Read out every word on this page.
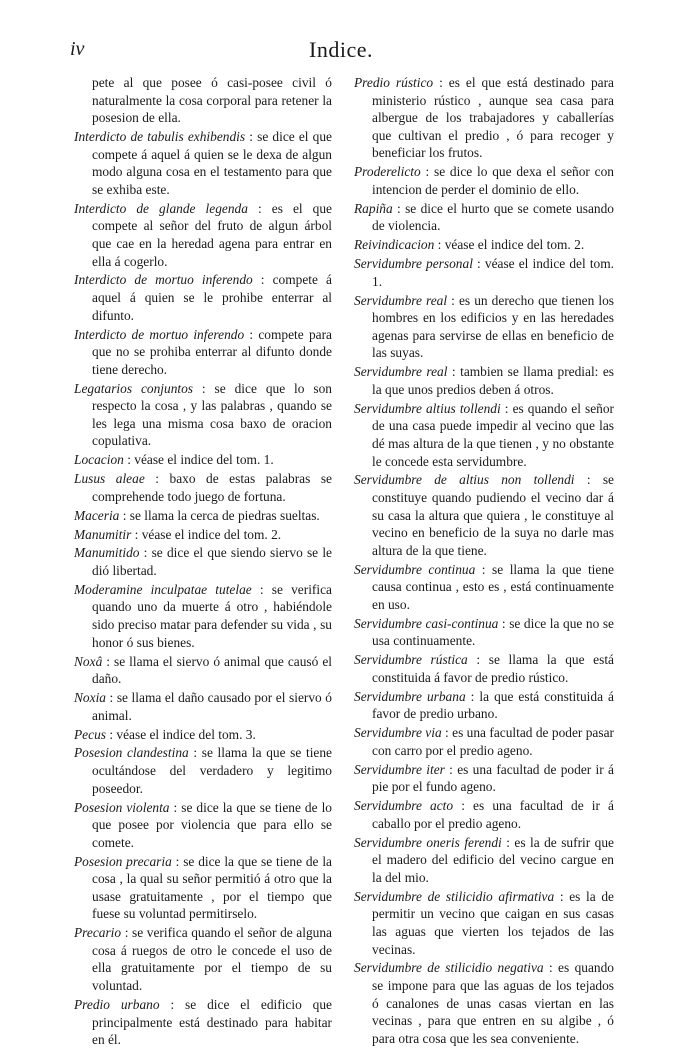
iv	Indice.

pete al que posee ó casi-posee civil ó naturalmente la cosa corporal para retener la posesion de ella.

Interdicto de tabulis exhibendis : se dice el que compete á aquel á quien se le dexa de algun modo alguna cosa en el testamento para que se exhiba este.

Interdicto de glande legenda : es el que compete al señor del fruto de algun árbol que cae en la heredad agena para entrar en ella á cogerlo.

Interdicto de mortuo inferendo : compete á aquel á quien se le prohibe enterrar al difunto.

Interdicto de mortuo inferendo : compete para que no se prohiba enterrar al difunto donde tiene derecho.

Legatarios conjuntos : se dice que lo son respecto la cosa , y las palabras , quando se les lega una misma cosa baxo de oracion copulativa.

Locacion : véase el indice del tom. 1.

Lusus aleae : baxo de estas palabras se comprehende todo juego de fortuna.

Maceria : se llama la cerca de piedras sueltas.

Manumitir : véase el indice del tom. 2.

Manumitido : se dice el que siendo siervo se le dió libertad.

Moderamine inculpatae tutelae : se verifica quando uno da muerte á otro , habiéndole sido preciso matar para defender su vida , su honor ó sus bienes.

Noxâ : se llama el siervo ó animal que causó el daño.

Noxia : se llama el daño causado por el siervo ó animal.

Pecus : véase el indice del tom. 3.

Posesion clandestina : se llama la que se tiene ocultándose del verdadero y legitimo poseedor.

Posesion violenta : se dice la que se tiene de lo que posee por violencia que para ello se comete.

Posesion precaria : se dice la que se tiene de la cosa , la qual su señor permitió á otro que la usase gratuitamente , por el tiempo que fuese su voluntad permitirselo.

Precario : se verifica quando el señor de alguna cosa á ruegos de otro le concede el uso de ella gratuitamente por el tiempo de su voluntad.

Predio urbano : se dice el edificio que principalmente está destinado para habitar en él.

Predio rústico : es el que está destinado para ministerio rústico , aunque sea casa para albergue de los trabajadores y caballerías que cultivan el predio , ó para recoger y beneficiar los frutos.

Proderelicto : se dice lo que dexa el señor con intencion de perder el dominio de ello.

Rapiña : se dice el hurto que se comete usando de violencia.

Reivindicacion : véase el indice del tom. 2.

Servidumbre personal : véase el indice del tom. 1.

Servidumbre real : es un derecho que tienen los hombres en los edificios y en las heredades agenas para servirse de ellas en beneficio de las suyas.

Servidumbre real : tambien se llama predial: es la que unos predios deben á otros.

Servidumbre altius tollendi : es quando el señor de una casa puede impedir al vecino que las dé mas altura de la que tienen , y no obstante le concede esta servidumbre.

Servidumbre de altius non tollendi : se constituye quando pudiendo el vecino dar á su casa la altura que quiera , le constituye al vecino en beneficio de la suya no darle mas altura de la que tiene.

Servidumbre continua : se llama la que tiene causa continua , esto es , está continuamente en uso.

Servidumbre casi-continua : se dice la que no se usa continuamente.

Servidumbre rústica : se llama la que está constituida á favor de predio rústico.

Servidumbre urbana : la que está constituida á favor de predio urbano.

Servidumbre via : es una facultad de poder pasar con carro por el predio ageno.

Servidumbre iter : es una facultad de poder ir á pie por el fundo ageno.

Servidumbre acto : es una facultad de ir á caballo por el predio ageno.

Servidumbre oneris ferendi : es la de sufrir que el madero del edificio del vecino cargue en la del mio.

Servidumbre de stilicidio afirmativa : es la de permitir un vecino que caigan en sus casas las aguas que vierten los tejados de las vecinas.

Servidumbre de stilicidio negativa : es quando se impone para que las aguas de los tejados ó canalones de unas casas viertan en las vecinas , para que entren en su algibe , ó para otra cosa que les sea conveniente.
